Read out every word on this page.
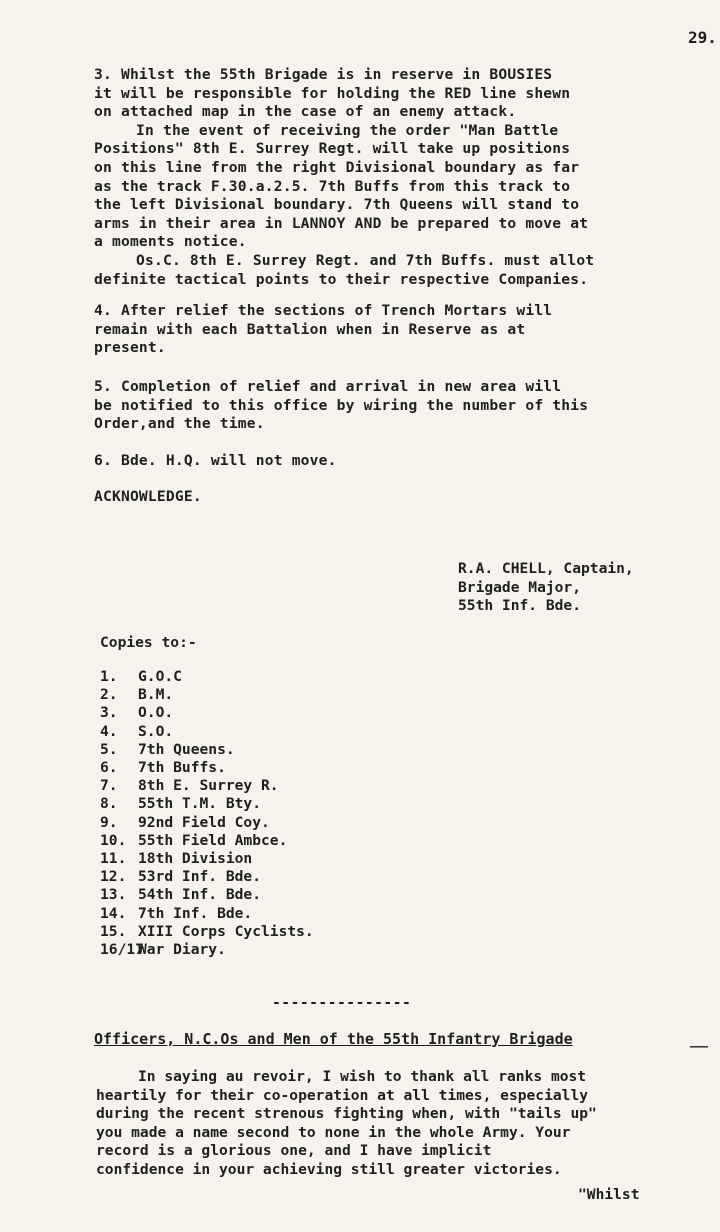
29.
3. Whilst the 55th Brigade is in reserve in BOUSIES
it will be responsible for holding the RED line shewn
on attached map in the case of an enemy attack.
In the event of receiving the order "Man Battle
Positions" 8th E. Surrey Regt. will take up positions
on this line from the right Divisional boundary as far
as the track F.30.a.2.5. 7th Buffs from this track to
the left Divisional boundary. 7th Queens will stand to
arms in their area in LANNOY AND be prepared to move at
a moments notice.
Os.C. 8th E. Surrey Regt. and 7th Buffs. must allot
definite tactical points to their respective Companies.
4. After relief the sections of Trench Mortars will
remain with each Battalion when in Reserve as at
present.
5. Completion of relief and arrival in new area will
be notified to this office by wiring the number of this
Order,and the time.
6. Bde. H.Q. will not move.
ACKNOWLEDGE.
R.A. CHELL, Captain,
Brigade Major,
55th Inf. Bde.
Copies to:-
1. G.O.C
2. B.M.
3. O.O.
4. S.O.
5. 7th Queens.
6. 7th Buffs.
7. 8th E. Surrey R.
8. 55th T.M. Bty.
9. 92nd Field Coy.
10. 55th Field Ambce.
11. 18th Division
12. 53rd Inf. Bde.
13. 54th Inf. Bde.
14. 7th Inf. Bde.
15. XIII Corps Cyclists.
16/17War Diary.
---------------
Officers, N.C.Os and Men of the 55th Infantry Brigade	__
In saying au revoir, I wish to thank all ranks most
heartily for their co-operation at all times, especially
during the recent strenous fighting when, with "tails up"
you made a name second to none in the whole Army. Your
record is a glorious one, and I have implicit
confidence in your achieving still greater victories.
"Whilst
